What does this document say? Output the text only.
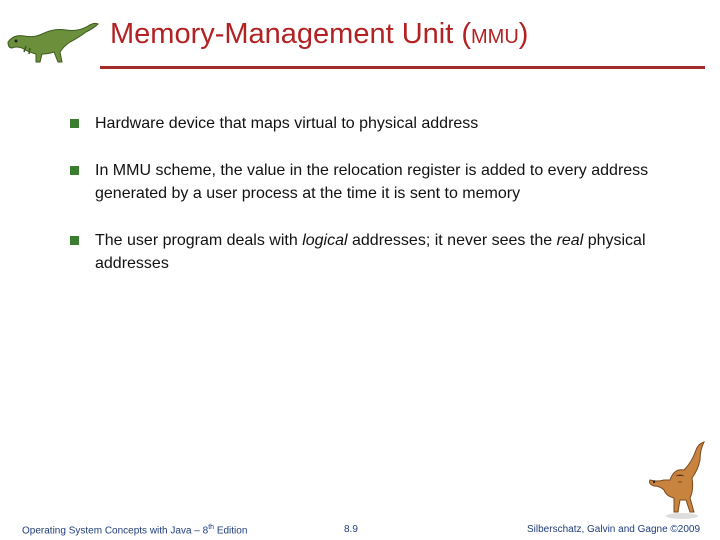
Memory-Management Unit (MMU)
Hardware device that maps virtual to physical address
In MMU scheme, the value in the relocation register is added to every address generated by a user process at the time it is sent to memory
The user program deals with logical addresses; it never sees the real physical addresses
Operating System Concepts with Java – 8th Edition	8.9	Silberschatz, Galvin and Gagne ©2009
